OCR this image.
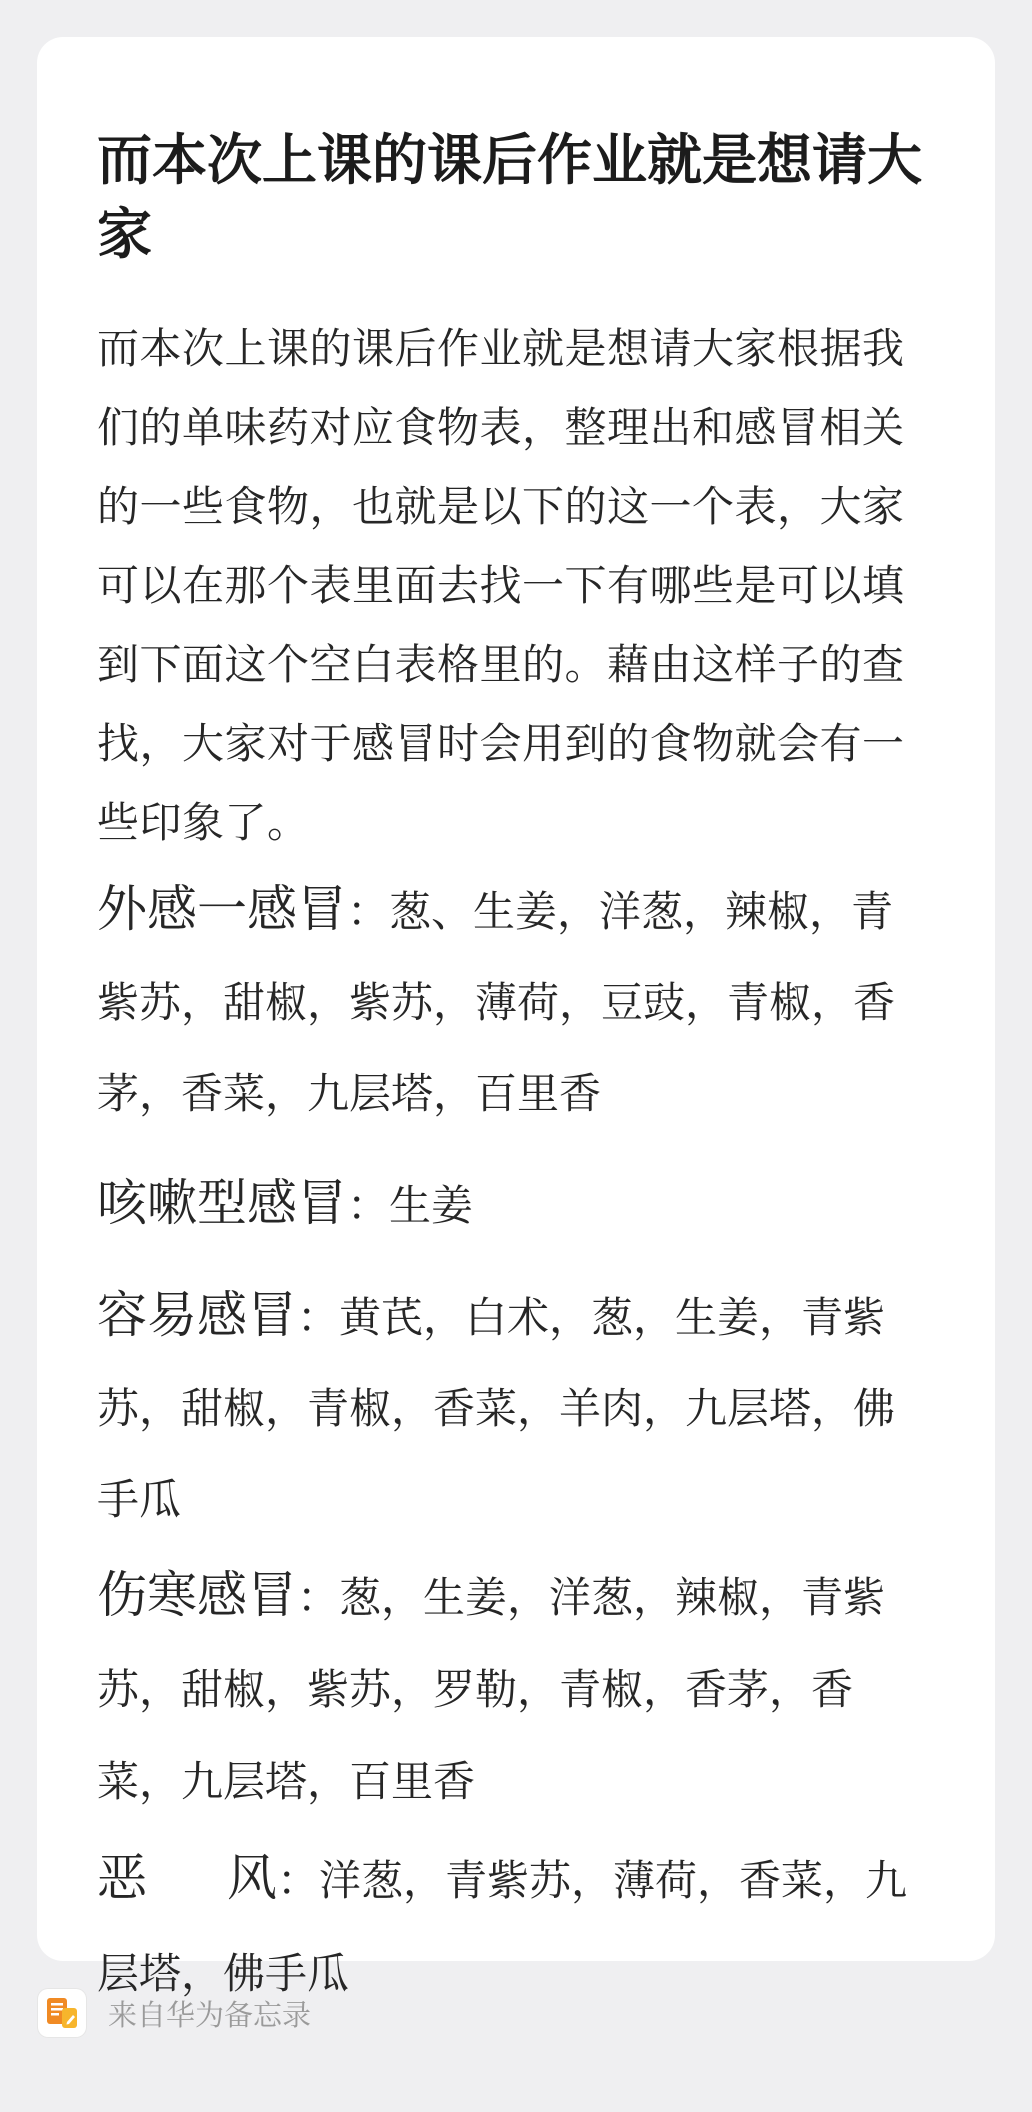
而本次上课的课后作业就是想请大家

而本次上课的课后作业就是想请大家根据我们的单味药对应食物表，整理出和感冒相关的一些食物，也就是以下的这一个表，大家可以在那个表里面去找一下有哪些是可以填到下面这个空白表格里的。藉由这样子的查找，大家对于感冒时会用到的食物就会有一些印象了。

外感一感冒：葱、生姜，洋葱，辣椒，青紫苏，甜椒，紫苏，薄荷，豆豉，青椒，香茅，香菜，九层塔，百里香

咳嗽型感冒：生姜

容易感冒：黄芪，白术，葱，生姜，青紫苏，甜椒，青椒，香菜，羊肉，九层塔，佛手瓜

伤寒感冒：葱，生姜，洋葱，辣椒，青紫苏，甜椒，紫苏，罗勒，青椒，香茅，香菜，九层塔，百里香

恶 风：洋葱，青紫苏，薄荷，香菜，九层塔，佛手瓜

来自华为备忘录
